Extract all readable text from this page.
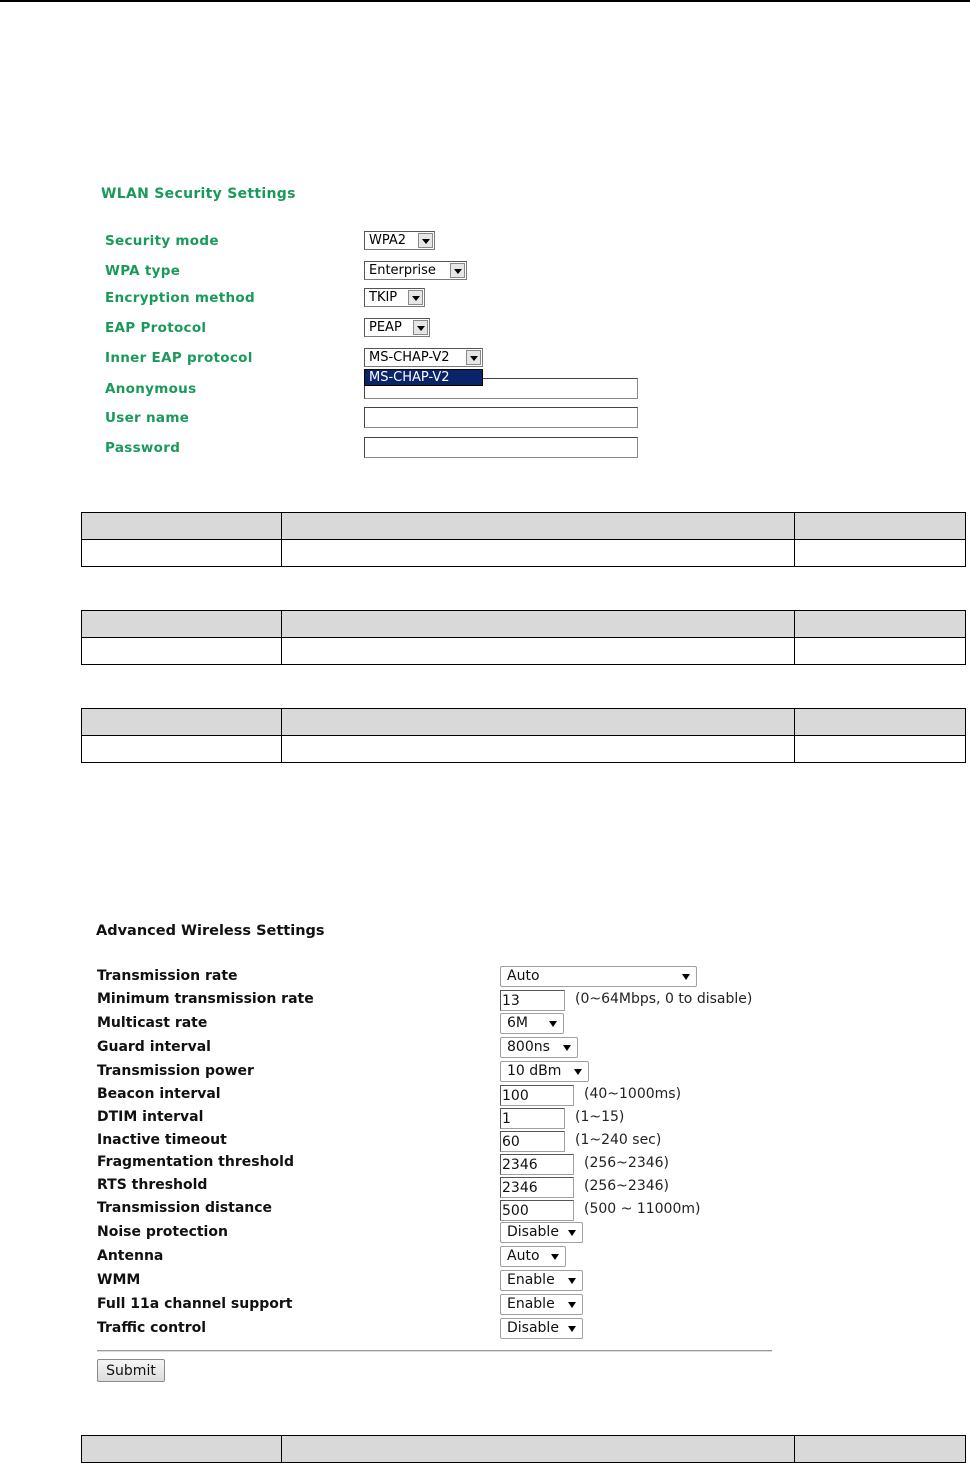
WLAN Security Settings
Security mode	WPA2
WPA type	Enterprise
Encryption method	TKIP
EAP Protocol	PEAP
Inner EAP protocol	MS-CHAP-V2
Anonymous
User name
Password
MS-CHAP-V2

Advanced Wireless Settings
Transmission rate	Auto
Minimum transmission rate	13	(0~64Mbps, 0 to disable)
Multicast rate	6M
Guard interval	800ns
Transmission power	10 dBm
Beacon interval	100	(40~1000ms)
DTIM interval	1	(1~15)
Inactive timeout	60	(1~240 sec)
Fragmentation threshold	2346	(256~2346)
RTS threshold	2346	(256~2346)
Transmission distance	500	(500 ~ 11000m)
Noise protection	Disable
Antenna	Auto
WMM	Enable
Full 11a channel support	Enable
Traffic control	Disable
Submit
